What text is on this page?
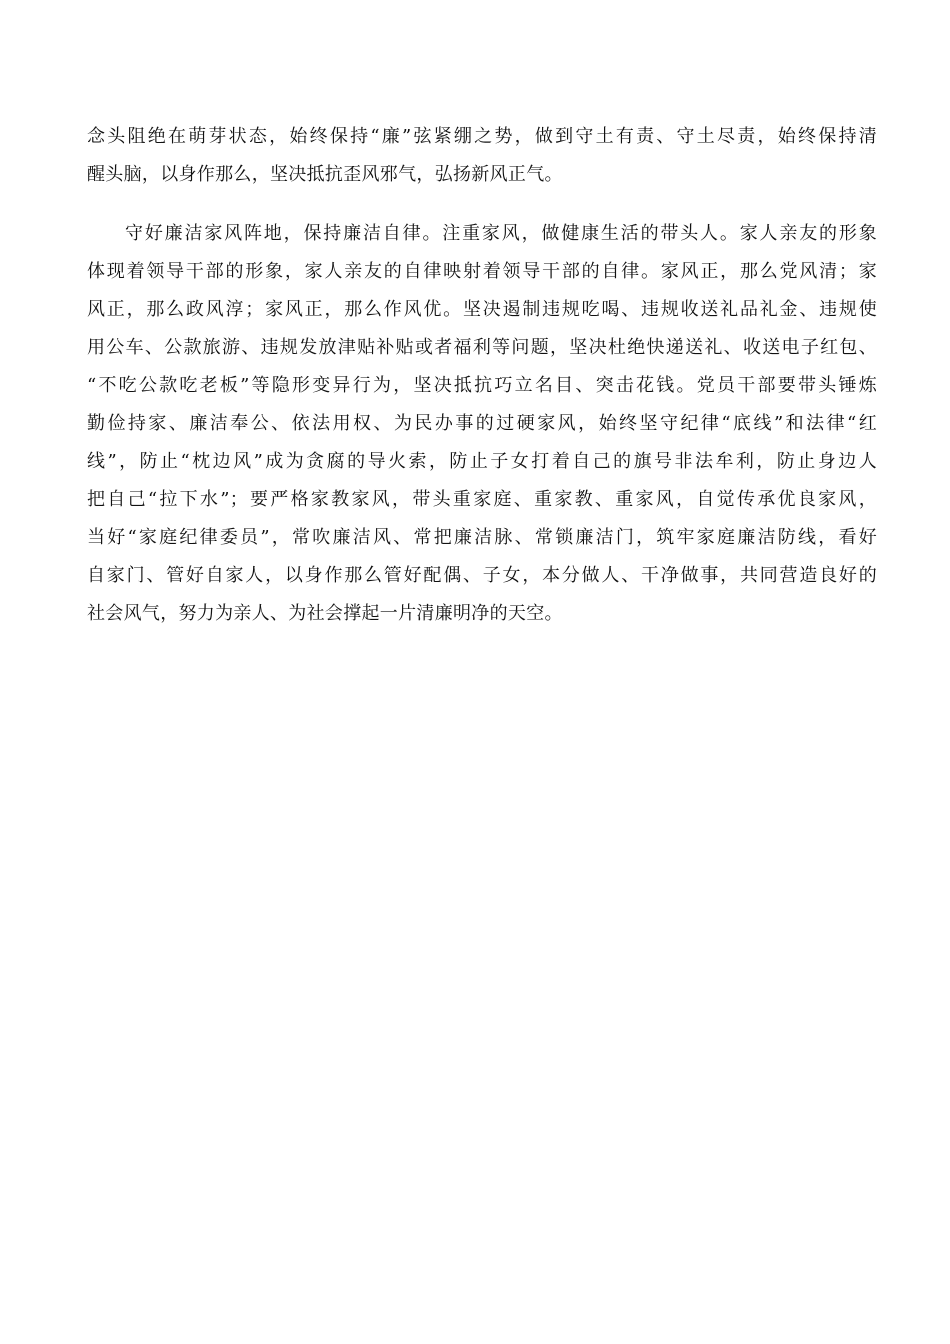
念头阻绝在萌芽状态，始终保持“廉”弦紧绷之势，做到守土有责、守土尽责，始终保持清
醒头脑，以身作那么，坚决抵抗歪风邪气，弘扬新风正气。
守好廉洁家风阵地，保持廉洁自律。注重家风，做健康生活的带头人。家人亲友的形象
体现着领导干部的形象，家人亲友的自律映射着领导干部的自律。家风正，那么党风清；家
风正，那么政风淳；家风正，那么作风优。坚决遏制违规吃喝、违规收送礼品礼金、违规使
用公车、公款旅游、违规发放津贴补贴或者福利等问题，坚决杜绝快递送礼、收送电子红包、
“不吃公款吃老板”等隐形变异行为，坚决抵抗巧立名目、突击花钱。党员干部要带头锤炼
勤俭持家、廉洁奉公、依法用权、为民办事的过硬家风，始终坚守纪律“底线”和法律“红
线”，防止“枕边风”成为贪腐的导火索，防止子女打着自己的旗号非法牟利，防止身边人
把自己“拉下水”；要严格家教家风，带头重家庭、重家教、重家风，自觉传承优良家风，
当好“家庭纪律委员”，常吹廉洁风、常把廉洁脉、常锁廉洁门，筑牢家庭廉洁防线，看好
自家门、管好自家人，以身作那么管好配偶、子女，本分做人、干净做事，共同营造良好的
社会风气，努力为亲人、为社会撑起一片清廉明净的天空。
